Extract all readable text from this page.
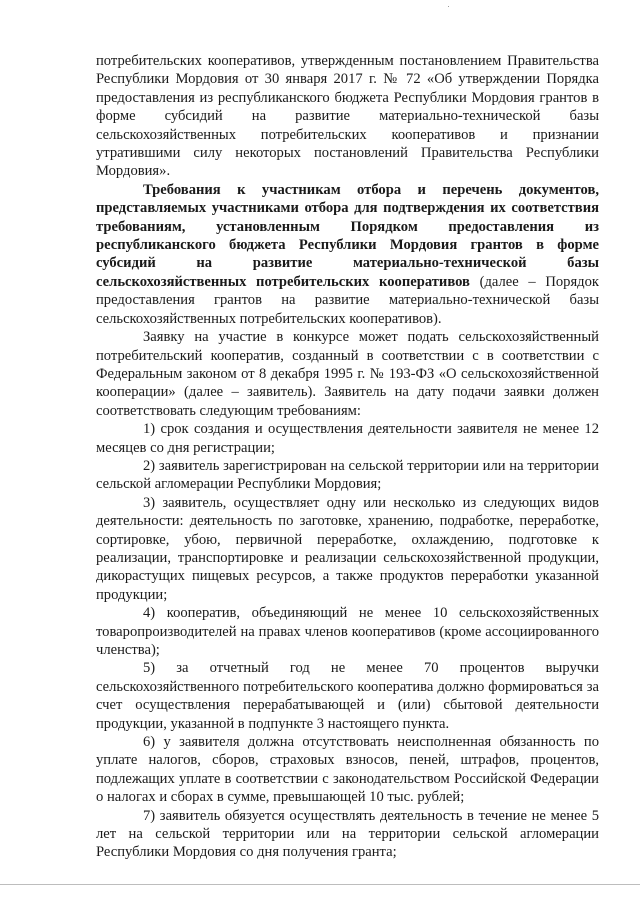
потребительских кооперативов, утвержденным постановлением Правительства Республики Мордовия от 30 января 2017 г. № 72 «Об утверждении Порядка предоставления из республиканского бюджета Республики Мордовия грантов в форме субсидий на развитие материально-технической базы сельскохозяйственных потребительских кооперативов и признании утратившими силу некоторых постановлений Правительства Республики Мордовия».

Требования к участникам отбора и перечень документов, представляемых участниками отбора для подтверждения их соответствия требованиям, установленным Порядком предоставления из республиканского бюджета Республики Мордовия грантов в форме субсидий на развитие материально-технической базы сельскохозяйственных потребительских кооперативов (далее – Порядок предоставления грантов на развитие материально-технической базы сельскохозяйственных потребительских кооперативов).

Заявку на участие в конкурсе может подать сельскохозяйственный потребительский кооператив, созданный в соответствии с в соответствии с Федеральным законом от 8 декабря 1995 г. № 193-ФЗ «О сельскохозяйственной кооперации» (далее – заявитель). Заявитель на дату подачи заявки должен соответствовать следующим требованиям:

1) срок создания и осуществления деятельности заявителя не менее 12 месяцев со дня регистрации;

2) заявитель зарегистрирован на сельской территории или на территории сельской агломерации Республики Мордовия;

3) заявитель, осуществляет одну или несколько из следующих видов деятельности: деятельность по заготовке, хранению, подработке, переработке, сортировке, убою, первичной переработке, охлаждению, подготовке к реализации, транспортировке и реализации сельскохозяйственной продукции, дикорастущих пищевых ресурсов, а также продуктов переработки указанной продукции;

4) кооператив, объединяющий не менее 10 сельскохозяйственных товаропроизводителей на правах членов кооперативов (кроме ассоциированного членства);

5) за отчетный год не менее 70 процентов выручки сельскохозяйственного потребительского кооператива должно формироваться за счет осуществления перерабатывающей и (или) сбытовой деятельности продукции, указанной в подпункте 3 настоящего пункта.

6) у заявителя должна отсутствовать неисполненная обязанность по уплате налогов, сборов, страховых взносов, пеней, штрафов, процентов, подлежащих уплате в соответствии с законодательством Российской Федерации о налогах и сборах в сумме, превышающей 10 тыс. рублей;

7) заявитель обязуется осуществлять деятельность в течение не менее 5 лет на сельской территории или на территории сельской агломерации Республики Мордовия со дня получения гранта;
